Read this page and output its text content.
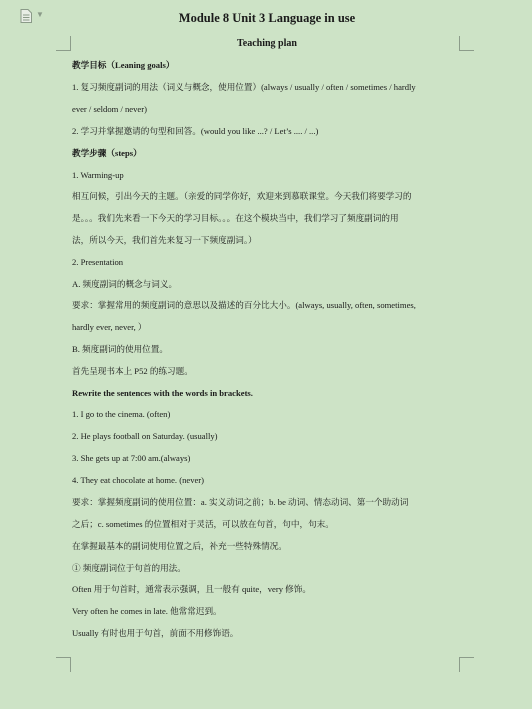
▼	Module 8 Unit 3 Language in use
Teaching plan
教学目标（Leaning goals）
1. 复习频度副词的用法（词义与概念，使用位置）(always / usually / often / sometimes / hardly
ever / seldom / never)
2. 学习并掌握邀请的句型和回答。(would you like ...? / Let’s .... / ...)
教学步骤（steps）
1. Warming-up
相互问候，引出今天的主题。（亲爱的同学你好，欢迎来到慕联课堂。今天我们将要学习的
是。。。我们先来看一下今天的学习目标。。。在这个模块当中，我们学习了频度副词的用
法，所以今天，我们首先来复习一下频度副词。）
2. Presentation
A. 频度副词的概念与词义。
要求：掌握常用的频度副词的意思以及描述的百分比大小。(always, usually, often, sometimes,
hardly ever, never, ）
B. 频度副词的使用位置。
首先呈现书本上 P52 的练习题。
Rewrite the sentences with the words in brackets.
1. I go to the cinema. (often)
2. He plays football on Saturday. (usually)
3. She gets up at 7:00 am.(always)
4. They eat chocolate at home. (never)
要求：掌握频度副词的使用位置：a. 实义动词之前；b. be 动词、情态动词、第一个助动词
之后；c. sometimes 的位置相对于灵活，可以放在句首，句中，句末。
在掌握最基本的副词使用位置之后，补充一些特殊情况。
① 频度副词位于句首的用法。
Often 用于句首时，通常表示强调，且一般有 quite，very 修饰。
Very often he comes in late. 他常常迟到。
Usually 有时也用于句首，前面不用修饰语。
